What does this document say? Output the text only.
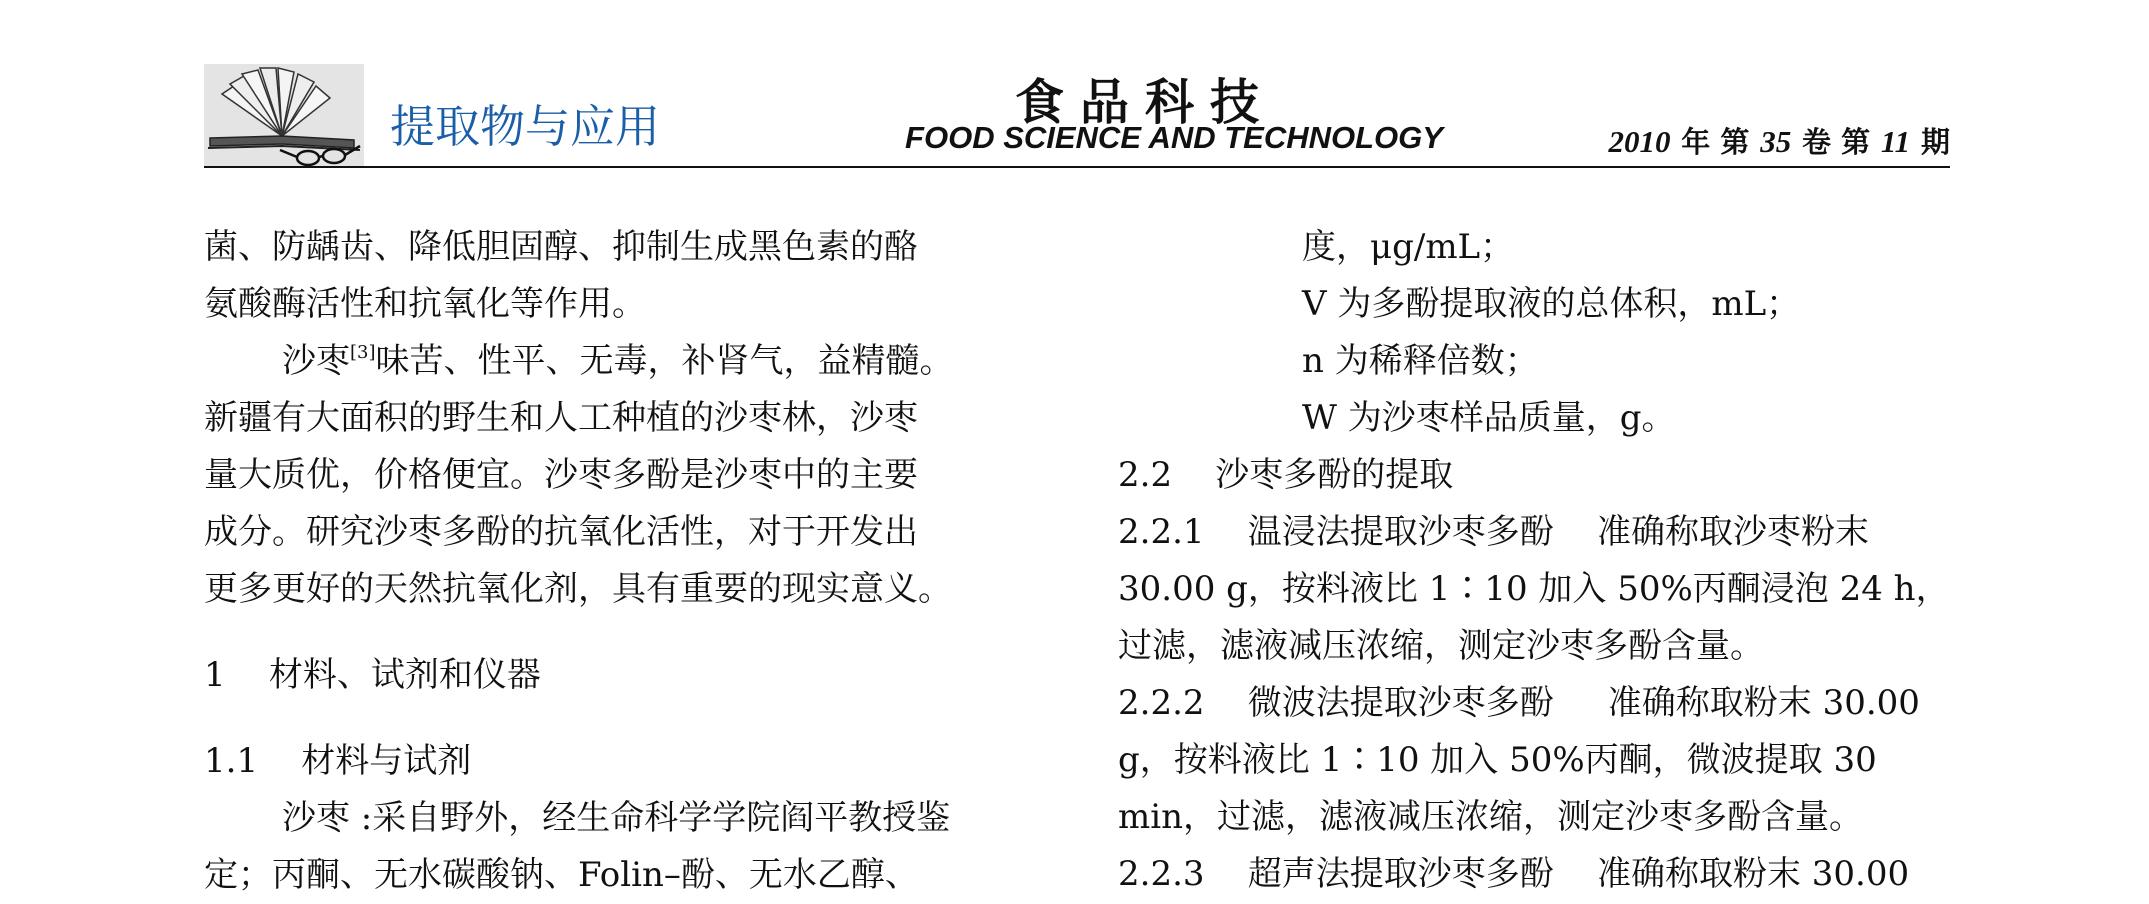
提取物与应用	食品科技
FOOD SCIENCE AND TECHNOLOGY	2010 年 第 35 卷 第 11 期
菌、防龋齿、降低胆固醇、抑制生成黑色素的酪
氨酸酶活性和抗氧化等作用。
沙枣[3]味苦、性平、无毒，补肾气，益精髓。
新疆有大面积的野生和人工种植的沙枣林，沙枣
量大质优，价格便宜。沙枣多酚是沙枣中的主要
成分。研究沙枣多酚的抗氧化活性，对于开发出
更多更好的天然抗氧化剂，具有重要的现实意义。
1    材料、试剂和仪器
1.1    材料与试剂
沙枣 :采自野外，经生命科学学院阎平教授鉴
定；丙酮、无水碳酸钠、Folin–酚、无水乙醇、
度，μg/mL；
V 为多酚提取液的总体积，mL；
n 为稀释倍数；
W 为沙枣样品质量，g。
2.2    沙枣多酚的提取
2.2.1    温浸法提取沙枣多酚    准确称取沙枣粉末
30.00 g，按料液比 1∶10 加入 50%丙酮浸泡 24 h，
过滤，滤液减压浓缩，测定沙枣多酚含量。
2.2.2    微波法提取沙枣多酚     准确称取粉末 30.00
g，按料液比 1∶10 加入 50%丙酮，微波提取 30
min，过滤，滤液减压浓缩，测定沙枣多酚含量。
2.2.3    超声法提取沙枣多酚    准确称取粉末 30.00
